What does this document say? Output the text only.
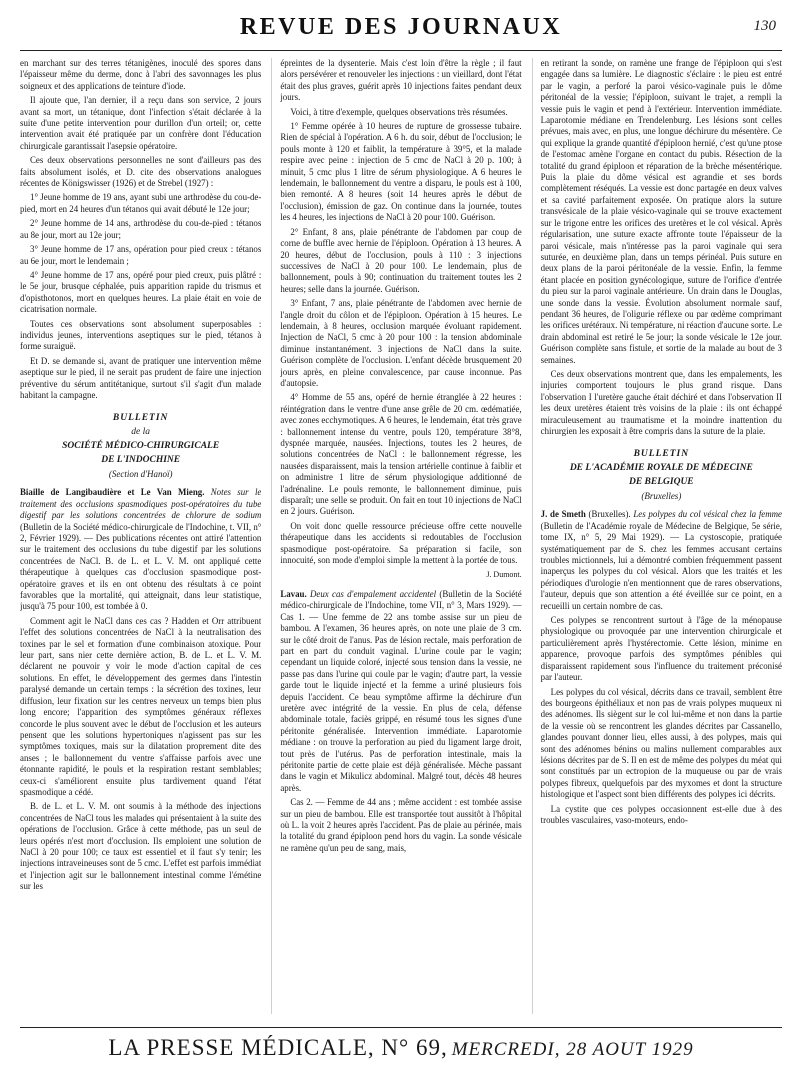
REVUE DES JOURNAUX	130

en marchant sur des terres tétanigènes, inoculé des spores dans l'épaisseur même du derme, donc à l'abri des savonnages les plus soigneux et des applications de teinture d'iode.

Il ajoute que, l'an dernier, il a reçu dans son service, 2 jours avant sa mort, un tétanique, dont l'infection s'était déclarée à la suite d'une petite intervention pour durillon d'un orteil; or, cette intervention avait été pratiquée par un confrère dont l'éducation chirurgicale garantissait l'asepsie opératoire.

Ces deux observations personnelles ne sont d'ailleurs pas des faits absolument isolés, et D. cite des observations analogues récentes de Königswisser (1926) et de Strebel (1927) :

1° Jeune homme de 19 ans, ayant subi une arthrodèse du cou-de-pied, mort en 24 heures d'un tétanos qui avait débuté le 12e jour;

2° Jeune homme de 14 ans, arthrodèse du cou-de-pied : tétanos au 8e jour, mort au 12e jour;

3° Jeune homme de 17 ans, opération pour pied creux : tétanos au 6e jour, mort le lendemain ;

4° Jeune homme de 17 ans, opéré pour pied creux, puis plâtré : le 5e jour, brusque céphalée, puis apparition rapide du trismus et d'opisthotonos, mort en quelques heures. La plaie était en voie de cicatrisation normale.

Toutes ces observations sont absolument superposables : individus jeunes, interventions aseptiques sur le pied, tétanos à forme suraiguë.

Et D. se demande si, avant de pratiquer une intervention même aseptique sur le pied, il ne serait pas prudent de faire une injection préventive du sérum antitétanique, surtout s'il s'agit d'un malade habitant la campagne.

BULLETIN
de la
SOCIÉTÉ MÉDICO-CHIRURGICALE
DE L'INDOCHINE
(Section d'Hanoï)

Biaille de Langibaudière et Le Van Mieng. Notes sur le traitement des occlusions spasmodiques post-opératoires du tube digestif par les solutions concentrées de chlorure de sodium (Bulletin de la Société médico-chirurgicale de l'Indochine, t. VII, n° 2, Février 1929). — Des publications récentes ont attiré l'attention sur le traitement des occlusions du tube digestif par les solutions concentrées de NaCl. B. de L. et L. V. M. ont appliqué cette thérapeutique à quelques cas d'occlusion spasmodique post-opératoire graves et ils en ont obtenu des résultats à ce point favorables que la mortalité, qui atteignait, dans leur statistique, jusqu'à 75 pour 100, est tombée à 0.

Comment agit le NaCl dans ces cas ? Hadden et Orr attribuent l'effet des solutions concentrées de NaCl à la neutralisation des toxines par le sel et formation d'une combinaison atoxique. Pour leur part, sans nier cette dernière action, B. de L. et L. V. M. déclarent ne pouvoir y voir le mode d'action capital de ces solutions. En effet, le développement des germes dans l'intestin paralysé demande un certain temps : la sécrétion des toxines, leur diffusion, leur fixation sur les centres nerveux un temps bien plus long encore; l'apparition des symptômes généraux réflexes concorde le plus souvent avec le début de l'occlusion et les auteurs pensent que les solutions hypertoniques n'agissent pas sur les symptômes toxiques, mais sur la dilatation proprement dite des anses ; le ballonnement du ventre s'affaisse parfois avec une étonnante rapidité, le pouls et la respiration restant semblables; ceux-ci s'améliorent ensuite plus tardivement quand l'état spasmodique a cédé.

B. de L. et L. V. M. ont soumis à la méthode des injections concentrées de NaCl tous les malades qui présentaient à la suite des opérations de l'occlusion. Grâce à cette méthode, pas un seul de leurs opérés n'est mort d'occlusion. Ils emploient une solution de NaCl à 20 pour 100; ce taux est essentiel et il faut s'y tenir; les injections intraveineuses sont de 5 cmc. L'effet est parfois immédiat et l'injection agit sur le ballonnement intestinal comme l'émétine sur les

épreintes de la dysenterie. Mais c'est loin d'être la règle ; il faut alors persévérer et renouveler les injections : un vieillard, dont l'état était des plus graves, guérit après 10 injections faites pendant deux jours.

Voici, à titre d'exemple, quelques observations très résumées.

1° Femme opérée à 10 heures de rupture de grossesse tubaire. Rien de spécial à l'opération. A 6 h. du soir, début de l'occlusion; le pouls monte à 120 et faiblit, la température à 39°5, et la malade respire avec peine : injection de 5 cmc de NaCl à 20 p. 100; à minuit, 5 cmc plus 1 litre de sérum physiologique. A 6 heures le lendemain, le ballonnement du ventre a disparu, le pouls est à 100, bien remonté. A 8 heures (soit 14 heures après le début de l'occlusion), émission de gaz. On continue dans la journée, toutes les 4 heures, les injections de NaCl à 20 pour 100. Guérison.

2° Enfant, 8 ans, plaie pénétrante de l'abdomen par coup de corne de buffle avec hernie de l'épiploon. Opération à 13 heures. A 20 heures, début de l'occlusion, pouls à 110 : 3 injections successives de NaCl à 20 pour 100. Le lendemain, plus de ballonnement, pouls à 90; continuation du traitement toutes les 2 heures; selle dans la journée. Guérison.

3° Enfant, 7 ans, plaie pénétrante de l'abdomen avec hernie de l'angle droit du côlon et de l'épiploon. Opération à 15 heures. Le lendemain, à 8 heures, occlusion marquée évoluant rapidement. Injection de NaCl, 5 cmc à 20 pour 100 : la tension abdominale diminue instantanément. 3 injections de NaCl dans la suite. Guérison complète de l'occlusion. L'enfant décède brusquement 20 jours après, en pleine convalescence, par cause inconnue. Pas d'autopsie.

4° Homme de 55 ans, opéré de hernie étranglée à 22 heures : réintégration dans le ventre d'une anse grêle de 20 cm. œdématiée, avec zones ecchymotiques. A 6 heures, le lendemain, état très grave : ballonnement intense du ventre, pouls 120, température 38°8, dyspnée marquée, nausées. Injections, toutes les 2 heures, de solutions concentrées de NaCl : le ballonnement régresse, les nausées disparaissent, mais la tension artérielle continue à faiblir et on administre 1 litre de sérum physiologique additionné de l'adrénaline. Le pouls remonte, le ballonnement diminue, puis disparaît; une selle se produit. On fait en tout 10 injections de NaCl en 2 jours. Guérison.

On voit donc quelle ressource précieuse offre cette nouvelle thérapeutique dans les accidents si redoutables de l'occlusion spasmodique post-opératoire. Sa préparation si facile, son innocuité, son mode d'emploi simple la mettent à la portée de tous.

J. Dumont.

Lavau. Deux cas d'empalement accidentel (Bulletin de la Société médico-chirurgicale de l'Indochine, tome VII, n° 3, Mars 1929). — Cas 1. — Une femme de 22 ans tombe assise sur un pieu de bambou. A l'examen, 36 heures après, on note une plaie de 3 cm. sur le côté droit de l'anus. Pas de lésion rectale, mais perforation de part en part du conduit vaginal. L'urine coule par le vagin; cependant un liquide coloré, injecté sous tension dans la vessie, ne passe pas dans l'urine qui coule par le vagin; d'autre part, la vessie garde tout le liquide injecté et la femme a uriné plusieurs fois depuis l'accident. Ce beau symptôme affirme la déchirure d'un uretère avec intégrité de la vessie. En plus de cela, défense abdominale totale, faciès grippé, en résumé tous les signes d'une péritonite généralisée. Intervention immédiate. Laparotomie médiane : on trouve la perforation au pied du ligament large droit, tout près de l'utérus. Pas de perforation intestinale, mais la péritonite partie de cette plaie est déjà généralisée. Mèche passant dans le vagin et Mikulicz abdominal. Malgré tout, décès 48 heures après.

Cas 2. — Femme de 44 ans ; même accident : est tombée assise sur un pieu de bambou. Elle est transportée tout aussitôt à l'hôpital où L. la voit 2 heures après l'accident. Pas de plaie au périnée, mais la totalité du grand épiploon pend hors du vagin. La sonde vésicale ne ramène qu'un peu de sang, mais,

en retirant la sonde, on ramène une frange de l'épiploon qui s'est engagée dans sa lumière. Le diagnostic s'éclaire : le pieu est entré par le vagin, a perforé la paroi vésico-vaginale puis le dôme péritonéal de la vessie; l'épiploon, suivant le trajet, a rempli la vessie puis le vagin et pend à l'extérieur. Intervention immédiate. Laparotomie médiane en Trendelenburg. Les lésions sont celles prévues, mais avec, en plus, une longue déchirure du mésentère. Ce qui explique la grande quantité d'épiploon hernié, c'est qu'une ptose de l'estomac amène l'organe en contact du pubis. Résection de la totalité du grand épiploon et réparation de la brèche mésentérique. Puis la plaie du dôme vésical est agrandie et ses bords complètement réséqués. La vessie est donc partagée en deux valves et sa cavité parfaitement exposée. On pratique alors la suture transvésicale de la plaie vésico-vaginale qui se trouve exactement sur le trigone entre les orifices des uretères et le col vésical. Après régularisation, une suture exacte affronte toute l'épaisseur de la paroi vésicale, mais n'intéresse pas la paroi vaginale qui sera suturée, en deuxième plan, dans un temps périnéal. Puis suture en deux plans de la paroi péritonéale de la vessie. Enfin, la femme étant placée en position gynécologique, suture de l'orifice d'entrée du pieu sur la paroi vaginale antérieure. Un drain dans le Douglas, une sonde dans la vessie. Évolution absolument normale sauf, pendant 36 heures, de l'oligurie réflexe ou par œdème comprimant les orifices urétéraux. Ni température, ni réaction d'aucune sorte. Le drain abdominal est retiré le 5e jour; la sonde vésicale le 12e jour. Guérison complète sans fistule, et sortie de la malade au bout de 3 semaines.

Ces deux observations montrent que, dans les empalements, les injuries comportent toujours le plus grand risque. Dans l'observation I l'uretère gauche était déchiré et dans l'observation II les deux uretères étaient très voisins de la plaie : ils ont échappé miraculeusement au traumatisme et la moindre inattention du chirurgien les exposait à être compris dans la suture de la plaie.

BULLETIN
DE L'ACADÉMIE ROYALE DE MÉDECINE
DE BELGIQUE
(Bruxelles)

J. de Smeth (Bruxelles). Les polypes du col vésical chez la femme (Bulletin de l'Académie royale de Médecine de Belgique, 5e série, tome IX, n° 5, 29 Mai 1929). — La cystoscopie, pratiquée systématiquement par de S. chez les femmes accusant certains troubles mictionnels, lui a démontré combien fréquemment passent inaperçus les polypes du col vésical. Alors que les traités et les périodiques d'urologie n'en mentionnent que de rares observations, l'auteur, depuis que son attention a été éveillée sur ce point, en a recueilli un certain nombre de cas.

Ces polypes se rencontrent surtout à l'âge de la ménopause physiologique ou provoquée par une intervention chirurgicale et particulièrement après l'hystérectomie. Cette lésion, minime en apparence, provoque parfois des symptômes pénibles qui disparaissent rapidement sous l'influence du traitement préconisé par l'auteur.

Les polypes du col vésical, décrits dans ce travail, semblent être des bourgeons épithéliaux et non pas de vrais polypes muqueux ni des adénomes. Ils siègent sur le col lui-même et non dans la partie de la vessie où se rencontrent les glandes décrites par Cassanello, glandes pouvant donner lieu, elles aussi, à des polypes, mais qui sont des adénomes bénins ou malins nullement comparables aux lésions décrites par de S. Il en est de même des polypes du méat qui sont constitués par un ectropion de la muqueuse ou par de vrais polypes fibreux, quelquefois par des myxomes et dont la structure histologique et l'aspect sont bien différents des polypes ici décrits.

La cystite que ces polypes occasionnent est-elle due à des troubles vasculaires, vaso-moteurs, endo-

LA PRESSE MÉDICALE, N° 69, MERCREDI, 28 AOUT 1929
